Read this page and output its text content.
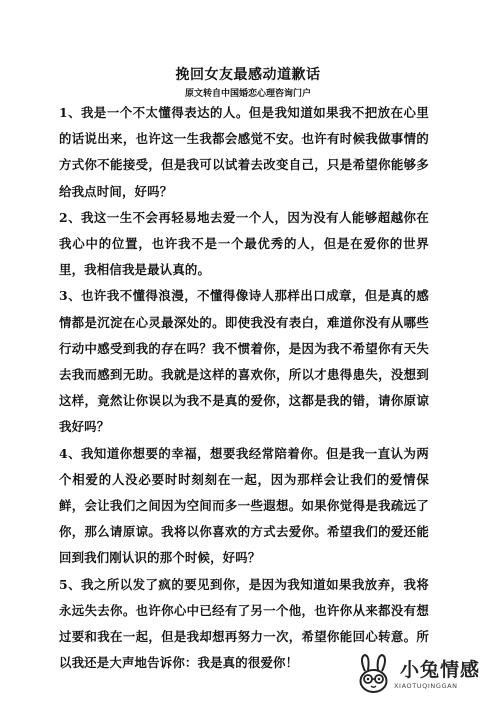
挽回女友最感动道歉话
原文转自中国婚恋心理咨询门户

1、我是一个不太懂得表达的人。但是我知道如果我不把放在心里的话说出来，也许这一生我都会感觉不安。也许有时候我做事情的方式你不能接受，但是我可以试着去改变自己，只是希望你能够多给我点时间，好吗？

2、我这一生不会再轻易地去爱一个人，因为没有人能够超越你在我心中的位置，也许我不是一个最优秀的人，但是在爱你的世界里，我相信我是最认真的。

3、也许我不懂得浪漫，不懂得像诗人那样出口成章，但是真的感情都是沉淀在心灵最深处的。即使我没有表白，难道你没有从哪些行动中感受到我的存在吗？我不惯着你，是因为我不希望你有天失去我而感到无助。我就是这样的喜欢你，所以才患得患失，没想到这样，竟然让你误以为我不是真的爱你，这都是我的错，请你原谅我好吗？

4、我知道你想要的幸福，想要我经常陪着你。但是我一直认为两个相爱的人没必要时时刻刻在一起，因为那样会让我们的爱情保鲜，会让我们之间因为空间而多一些遐想。如果你觉得是我疏远了你，那么请原谅。我将以你喜欢的方式去爱你。希望我们的爱还能回到我们刚认识的那个时候，好吗？

5、我之所以发了疯的要见到你，是因为我知道如果我放弃，我将永远失去你。也许你心中已经有了另一个他，也许你从来都没有想过要和我在一起，但是我却想再努力一次，希望你能回心转意。所以我还是大声地告诉你：我是真的很爱你！	小兔情感
XIAOTUQINGGAN
